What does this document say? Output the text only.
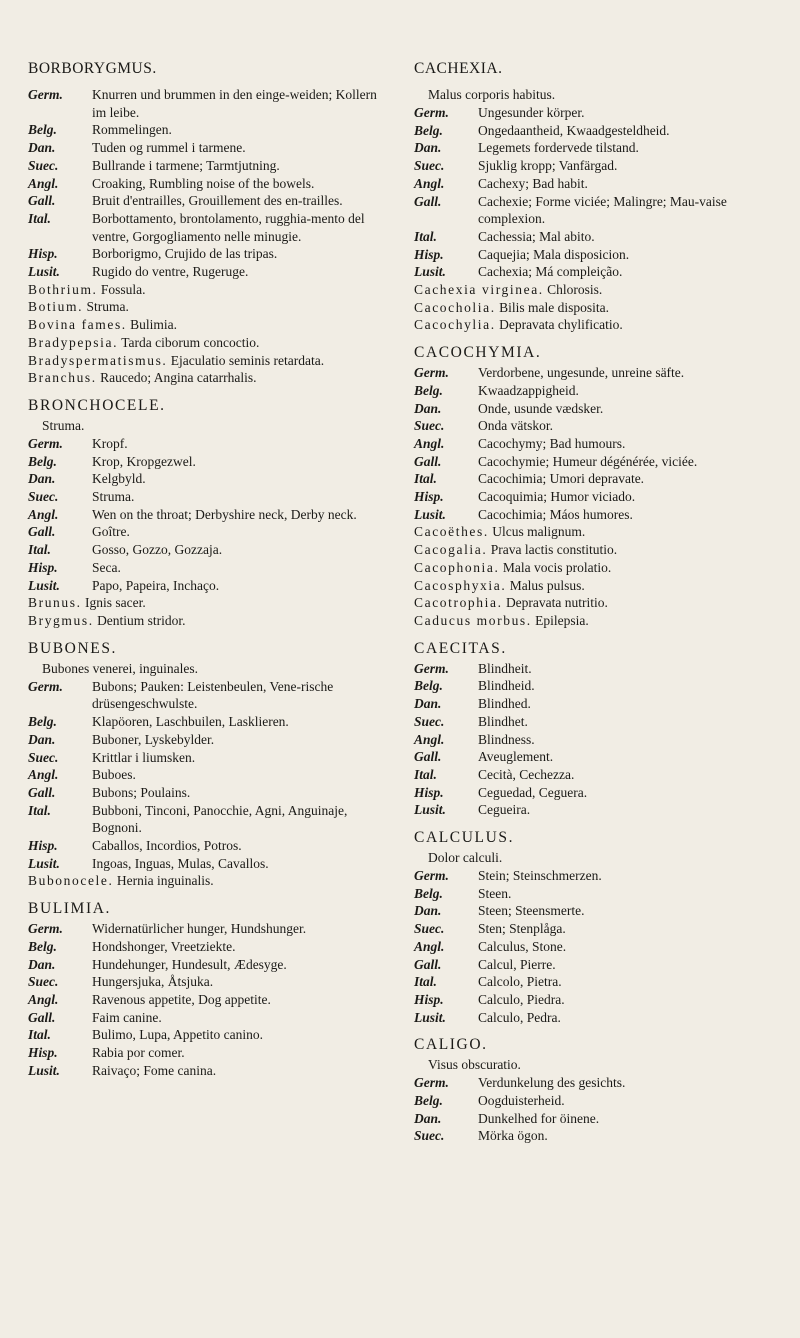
BORBORYGMUS.	CACHEXIA.
Germ.	Knurren und brummen in den einge-weiden; Kollern im leibe.
Belg.	Rommelingen.
Dan.	Tuden og rummel i tarmene.
Suec.	Bullrande i tarmene; Tarmtjutning.
Angl.	Croaking, Rumbling noise of the bowels.
Gall.	Bruit d'entrailles, Grouillement des en-trailles.
Ital.	Borbottamento, brontolamento, rugghia-mento del ventre, Gorgogliamento nelle minugie.
Hisp.	Borborigmo, Crujido de las tripas.
Lusit.	Rugido do ventre, Rugeruge.
Bothrium. Fossula.
Botium. Struma.
Bovina fames. Bulimia.
Bradypepsia. Tarda ciborum concoctio.
Bradyspermatismus. Ejaculatio seminis retardata.
Branchus. Raucedo; Angina catarrhalis.
BRONCHOCELE.
Struma.
Germ.	Kropf.
Belg.	Krop, Kropgezwel.
Dan.	Kelgbyld.
Suec.	Struma.
Angl.	Wen on the throat; Derbyshire neck, Derby neck.
Gall.	Goître.
Ital.	Gosso, Gozzo, Gozzaja.
Hisp.	Seca.
Lusit.	Papo, Papeira, Inchaço.
Brunus. Ignis sacer.
Brygmus. Dentium stridor.
BUBONES.
Bubones venerei, inguinales.
Germ.	Bubons; Pauken: Leistenbeulen, Vene-rische drüsengeschwulste.
Belg.	Klapöoren, Laschbuilen, Lasklieren.
Dan.	Buboner, Lyskebylder.
Suec.	Krittlar i liumsken.
Angl.	Buboes.
Gall.	Bubons; Poulains.
Ital.	Bubboni, Tinconi, Panocchie, Agni, Anguinaje, Bognoni.
Hisp.	Caballos, Incordios, Potros.
Lusit.	Ingoas, Inguas, Mulas, Cavallos.
Bubonocele. Hernia inguinalis.
BULIMIA.
Germ.	Widernatürlicher hunger, Hundshunger.
Belg.	Hondshonger, Vreetziekte.
Dan.	Hundehunger, Hundesult, Ædesyge.
Suec.	Hungersjuka, Åtsjuka.
Angl.	Ravenous appetite, Dog appetite.
Gall.	Faim canine.
Ital.	Bulimo, Lupa, Appetito canino.
Hisp.	Rabia por comer.
Lusit.	Raivaço; Fome canina.
Malus corporis habitus.
Germ.	Ungesunder körper.
Belg.	Ongedaantheid, Kwaadgesteldheid.
Dan.	Legemets fordervede tilstand.
Suec.	Sjuklig kropp; Vanfärgad.
Angl.	Cachexy; Bad habit.
Gall.	Cachexie; Forme viciée; Malingre; Mau-vaise complexion.
Ital.	Cachessia; Mal abito.
Hisp.	Caquejia; Mala disposicion.
Lusit.	Cachexia; Má compleição.
Cachexia virginea. Chlorosis.
Cacocholia. Bilis male disposita.
Cacochylia. Depravata chylificatio.
CACOCHYMIA.
Germ.	Verdorbene, ungesunde, unreine säfte.
Belg.	Kwaadzappigheid.
Dan.	Onde, usunde vædsker.
Suec.	Onda vätskor.
Angl.	Cacochymy; Bad humours.
Gall.	Cacochymie; Humeur dégénérée, viciée.
Ital.	Cacochimia; Umori depravate.
Hisp.	Cacoquimia; Humor viciado.
Lusit.	Cacochimia; Máos humores.
Cacoëthes. Ulcus malignum.
Cacogalia. Prava lactis constitutio.
Cacophonia. Mala vocis prolatio.
Cacosphyxia. Malus pulsus.
Cacotrophia. Depravata nutritio.
Caducus morbus. Epilepsia.
CAECITAS.
Germ.	Blindheit.
Belg.	Blindheid.
Dan.	Blindhed.
Suec.	Blindhet.
Angl.	Blindness.
Gall.	Aveuglement.
Ital.	Cecità, Cechezza.
Hisp.	Ceguedad, Ceguera.
Lusit.	Cegueira.
CALCULUS.
Dolor calculi.
Germ.	Stein; Steinschmerzen.
Belg.	Steen.
Dan.	Steen; Steensmerte.
Suec.	Sten; Stenplåga.
Angl.	Calculus, Stone.
Gall.	Calcul, Pierre.
Ital.	Calcolo, Pietra.
Hisp.	Calculo, Piedra.
Lusit.	Calculo, Pedra.
CALIGO.
Visus obscuratio.
Germ.	Verdunkelung des gesichts.
Belg.	Oogduisterheid.
Dan.	Dunkelhed for öinene.
Suec.	Mörka ögon.
